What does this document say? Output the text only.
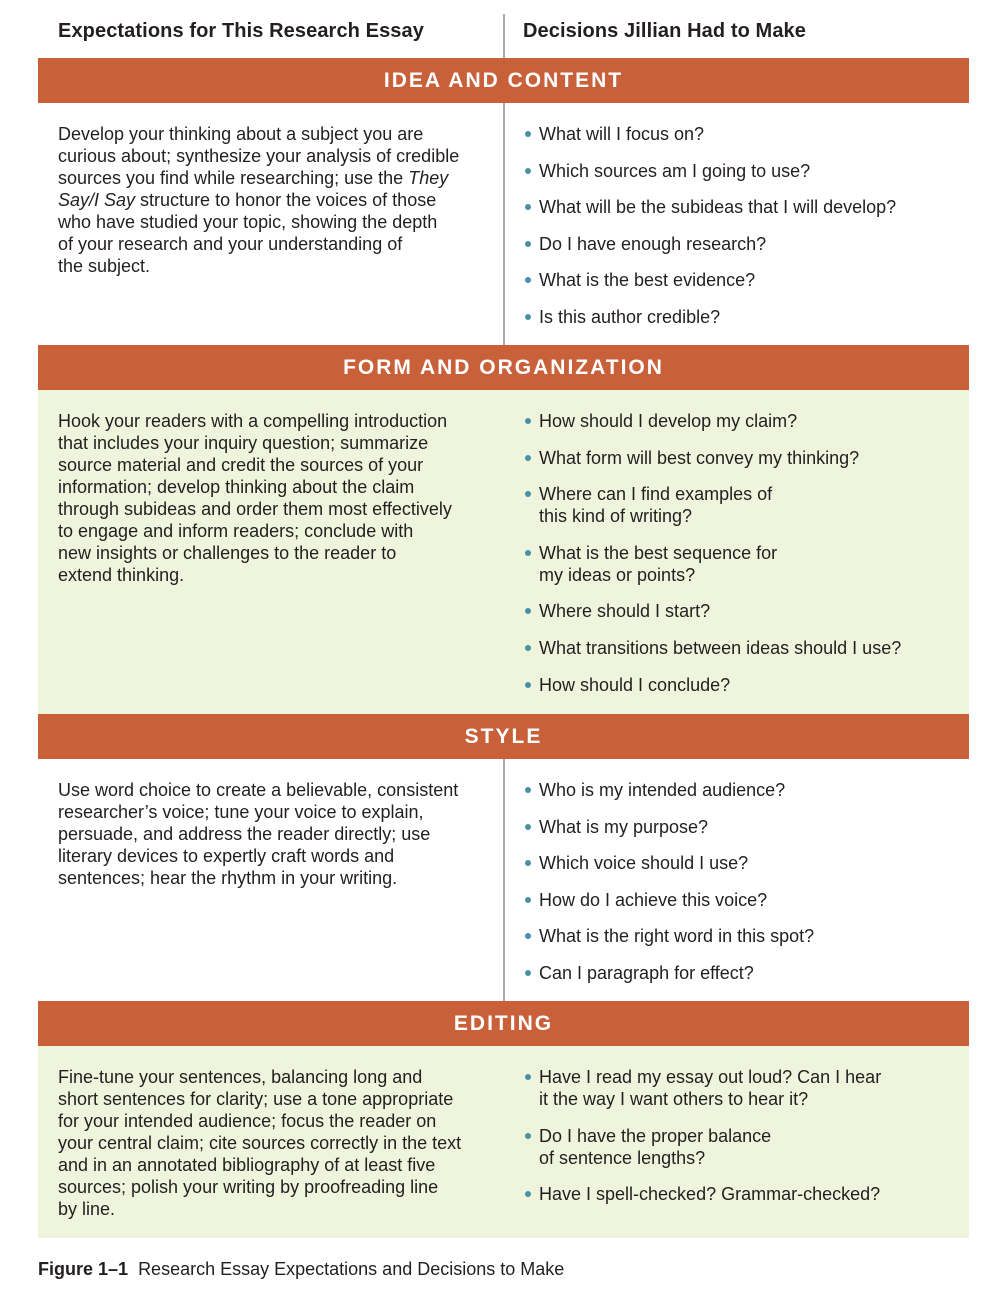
Expectations for This Research Essay	Decisions Jillian Had to Make
IDEA AND CONTENT
Develop your thinking about a subject you are
curious about; synthesize your analysis of credible
sources you find while researching; use the They
Say/I Say structure to honor the voices of those
who have studied your topic, showing the depth
of your research and your understanding of
the subject.
What will I focus on?
Which sources am I going to use?
What will be the subideas that I will develop?
Do I have enough research?
What is the best evidence?
Is this author credible?
FORM AND ORGANIZATION
Hook your readers with a compelling introduction
that includes your inquiry question; summarize
source material and credit the sources of your
information; develop thinking about the claim
through subideas and order them most effectively
to engage and inform readers; conclude with
new insights or challenges to the reader to
extend thinking.
How should I develop my claim?
What form will best convey my thinking?
Where can I find examples of
this kind of writing?
What is the best sequence for
my ideas or points?
Where should I start?
What transitions between ideas should I use?
How should I conclude?
STYLE
Use word choice to create a believable, consistent
researcher’s voice; tune your voice to explain,
persuade, and address the reader directly; use
literary devices to expertly craft words and
sentences; hear the rhythm in your writing.
Who is my intended audience?
What is my purpose?
Which voice should I use?
How do I achieve this voice?
What is the right word in this spot?
Can I paragraph for effect?
EDITING
Fine-tune your sentences, balancing long and
short sentences for clarity; use a tone appropriate
for your intended audience; focus the reader on
your central claim; cite sources correctly in the text
and in an annotated bibliography of at least five
sources; polish your writing by proofreading line
by line.
Have I read my essay out loud? Can I hear
it the way I want others to hear it?
Do I have the proper balance
of sentence lengths?
Have I spell-checked? Grammar-checked?
Figure 1–1 Research Essay Expectations and Decisions to Make
